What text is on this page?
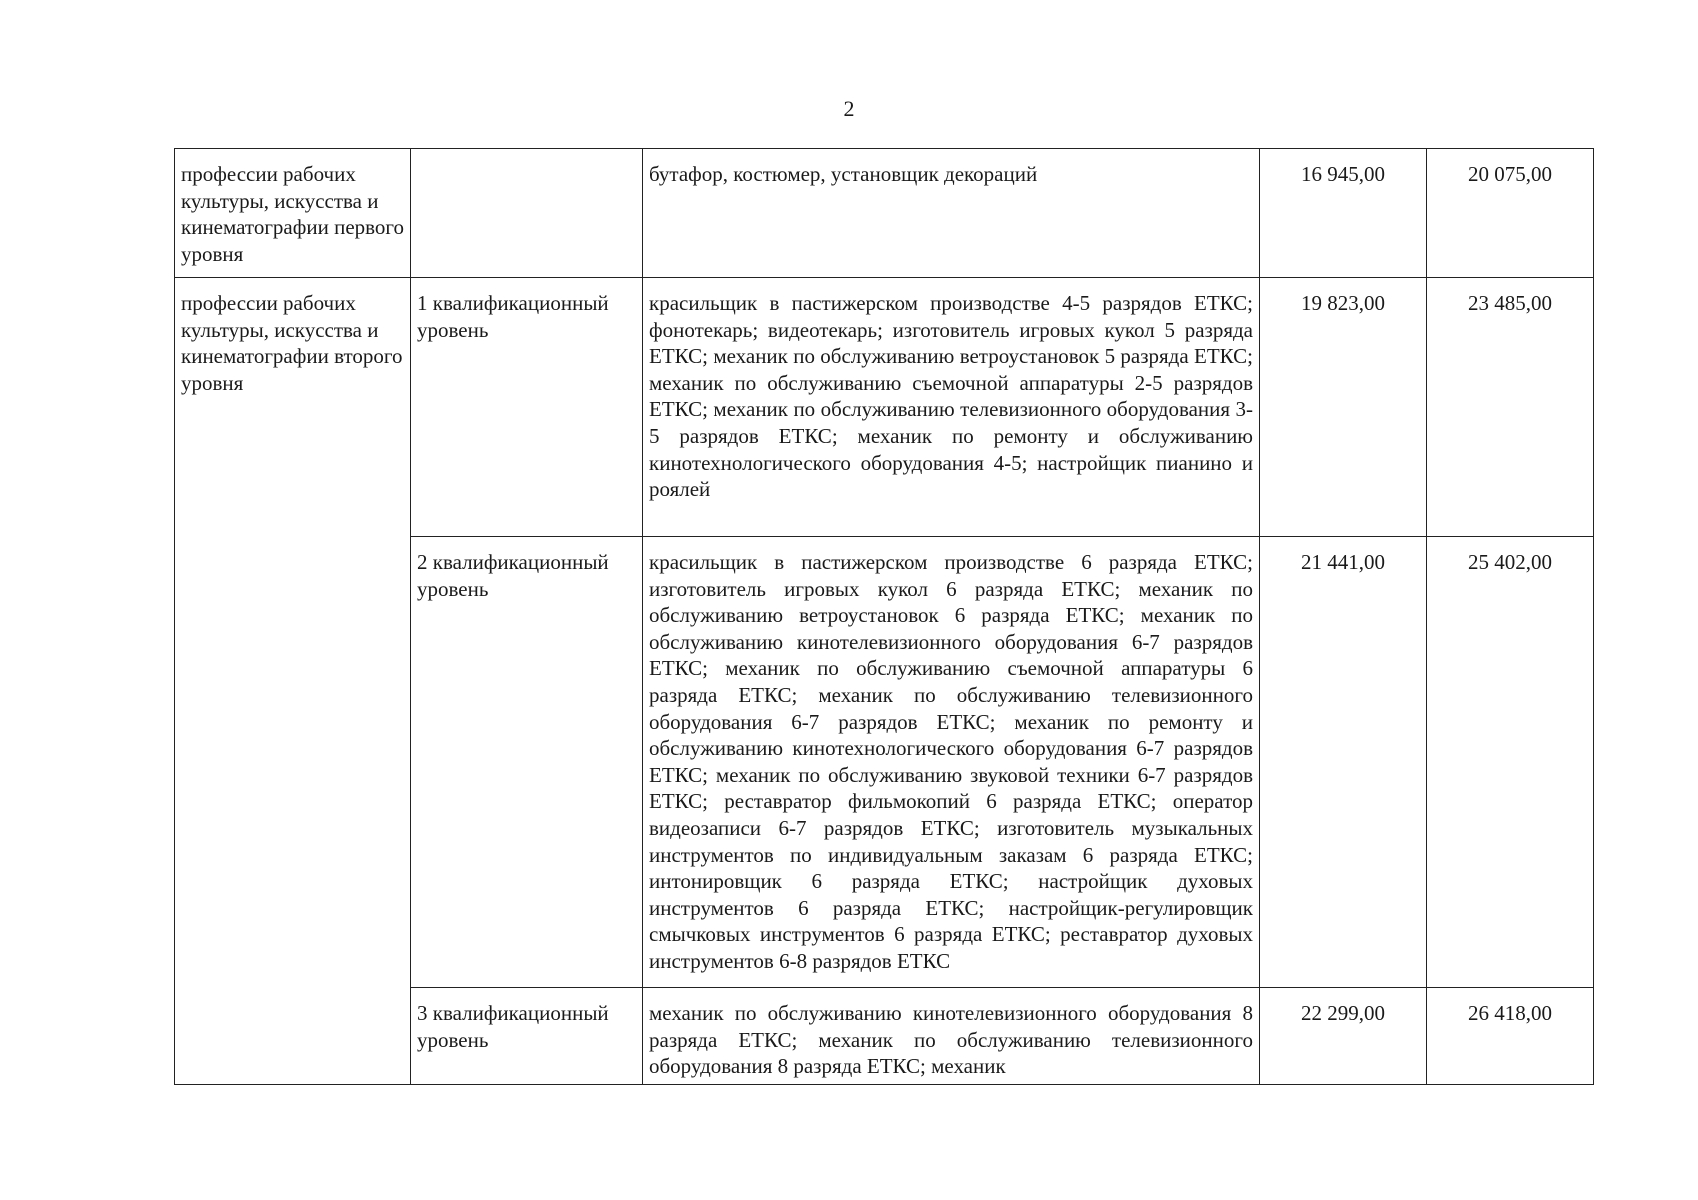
2
профессии рабочих культуры, искусства и кинематографии первого уровня		бутафор, костюмер, установщик декораций	16 945,00	20 075,00
профессии рабочих культуры, искусства и кинематографии второго уровня	1 квалификационный уровень	красильщик в пастижерском производстве 4-5 разрядов ЕТКС; фонотекарь; видеотекарь; изготовитель игровых кукол 5 разряда ЕТКС; механик по обслуживанию ветроустановок 5 разряда ЕТКС; механик по обслуживанию съемочной аппаратуры 2-5 разрядов ЕТКС; механик по обслуживанию телевизионного оборудования 3-5 разрядов ЕТКС; механик по ремонту и обслуживанию кинотехнологического оборудования 4-5; настройщик пианино и роялей	19 823,00	23 485,00
	2 квалификационный уровень	красильщик в пастижерском производстве 6 разряда ЕТКС; изготовитель игровых кукол 6 разряда ЕТКС; механик по обслуживанию ветроустановок 6 разряда ЕТКС; механик по обслуживанию кинотелевизионного оборудования 6-7 разрядов ЕТКС; механик по обслуживанию съемочной аппаратуры 6 разряда ЕТКС; механик по обслуживанию телевизионного оборудования 6-7 разрядов ЕТКС; механик по ремонту и обслуживанию кинотехнологического оборудования 6-7 разрядов ЕТКС; механик по обслуживанию звуковой техники 6-7 разрядов ЕТКС; реставратор фильмокопий 6 разряда ЕТКС; оператор видеозаписи 6-7 разрядов ЕТКС; изготовитель музыкальных инструментов по индивидуальным заказам 6 разряда ЕТКС; интонировщик 6 разряда ЕТКС; настройщик духовых инструментов 6 разряда ЕТКС; настройщик-регулировщик смычковых инструментов 6 разряда ЕТКС; реставратор духовых инструментов 6-8 разрядов ЕТКС	21 441,00	25 402,00
	3 квалификационный уровень	механик по обслуживанию кинотелевизионного оборудования 8 разряда ЕТКС; механик по обслуживанию телевизионного оборудования 8 разряда ЕТКС; механик	22 299,00	26 418,00
